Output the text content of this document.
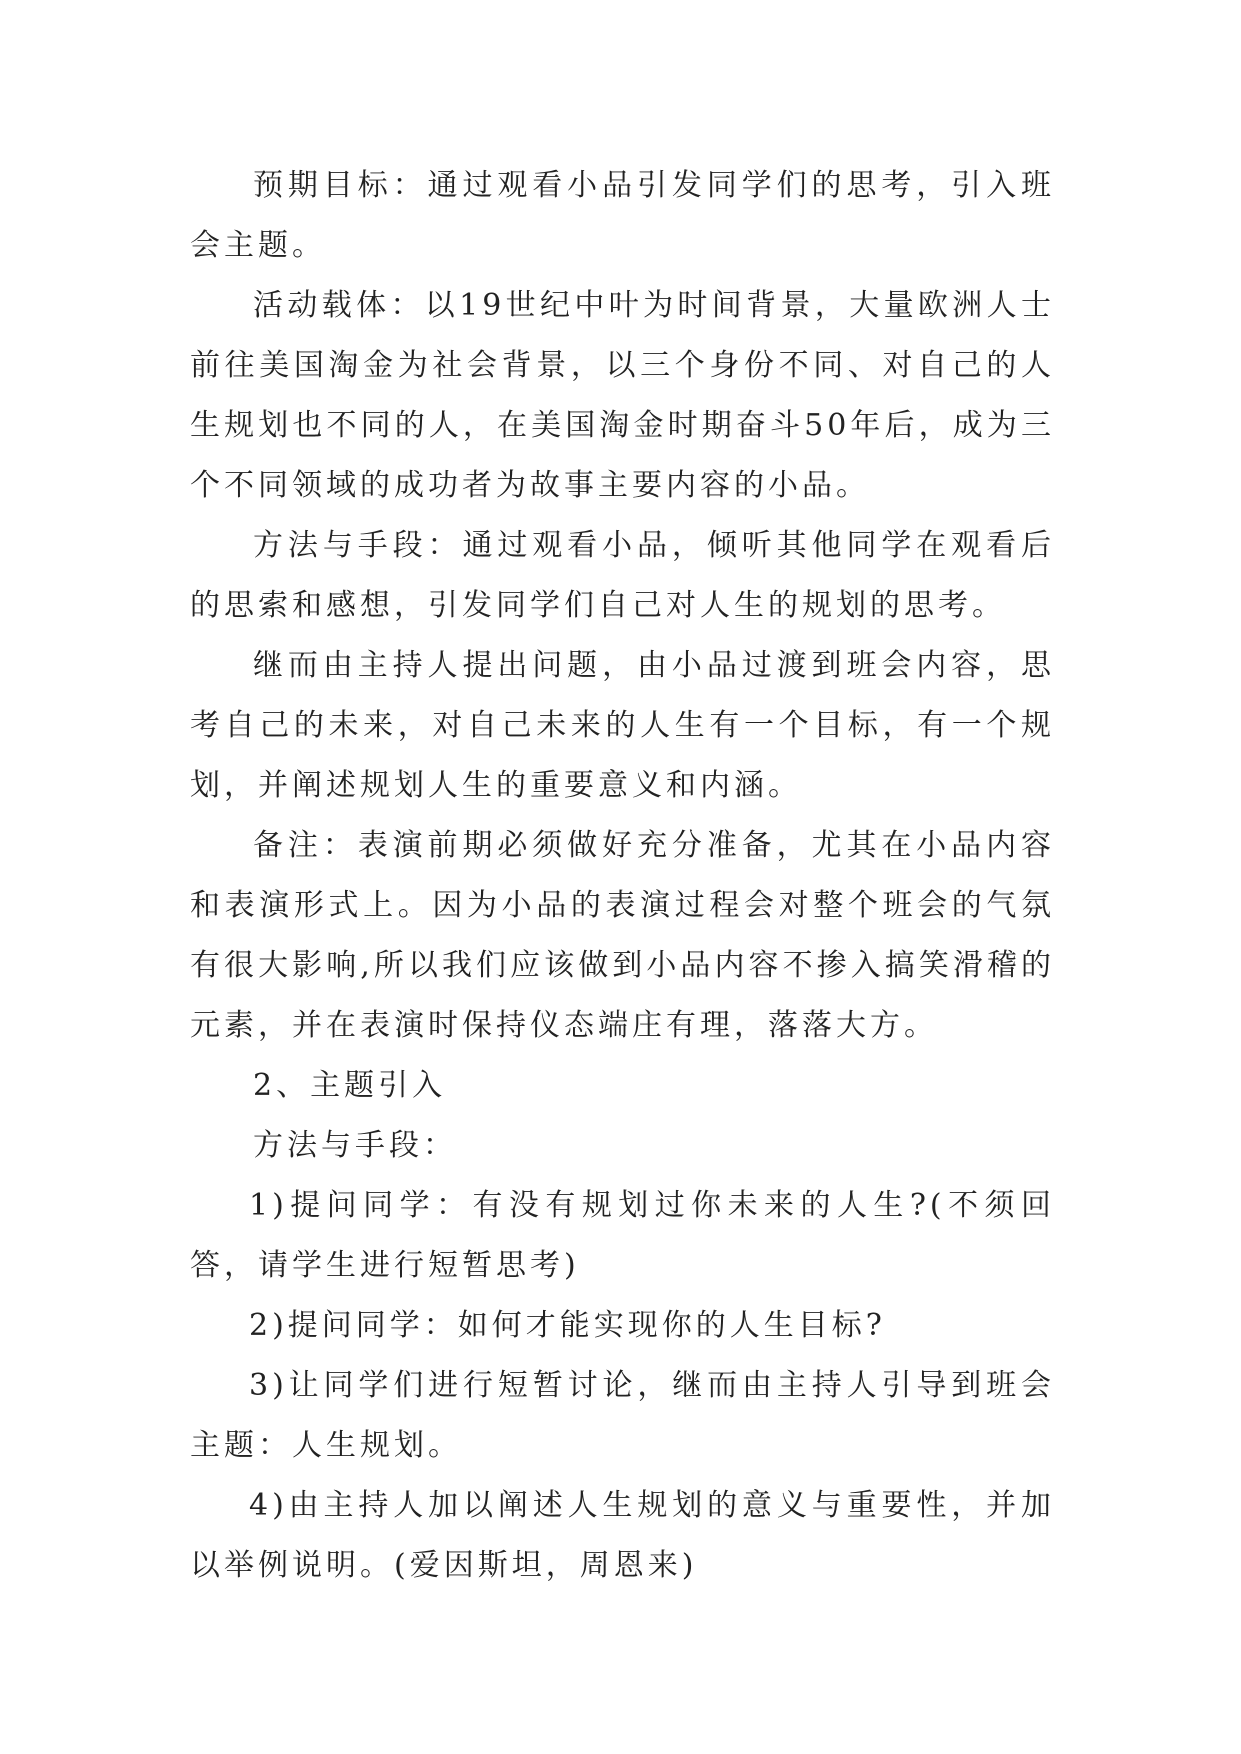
预期目标：通过观看小品引发同学们的思考，引入班会主题。

活动载体：以19世纪中叶为时间背景，大量欧洲人士前往美国淘金为社会背景，以三个身份不同、对自己的人生规划也不同的人，在美国淘金时期奋斗50年后，成为三个不同领域的成功者为故事主要内容的小品。

方法与手段：通过观看小品，倾听其他同学在观看后的思索和感想，引发同学们自己对人生的规划的思考。

继而由主持人提出问题，由小品过渡到班会内容，思考自己的未来，对自己未来的人生有一个目标，有一个规划，并阐述规划人生的重要意义和内涵。

备注：表演前期必须做好充分准备，尤其在小品内容和表演形式上。因为小品的表演过程会对整个班会的气氛有很大影响,所以我们应该做到小品内容不掺入搞笑滑稽的元素，并在表演时保持仪态端庄有理，落落大方。

2、主题引入

方法与手段：

1)提问同学：有没有规划过你未来的人生?(不须回答，请学生进行短暂思考)

2)提问同学：如何才能实现你的人生目标?

3)让同学们进行短暂讨论，继而由主持人引导到班会主题：人生规划。

4)由主持人加以阐述人生规划的意义与重要性，并加以举例说明。(爱因斯坦，周恩来)
